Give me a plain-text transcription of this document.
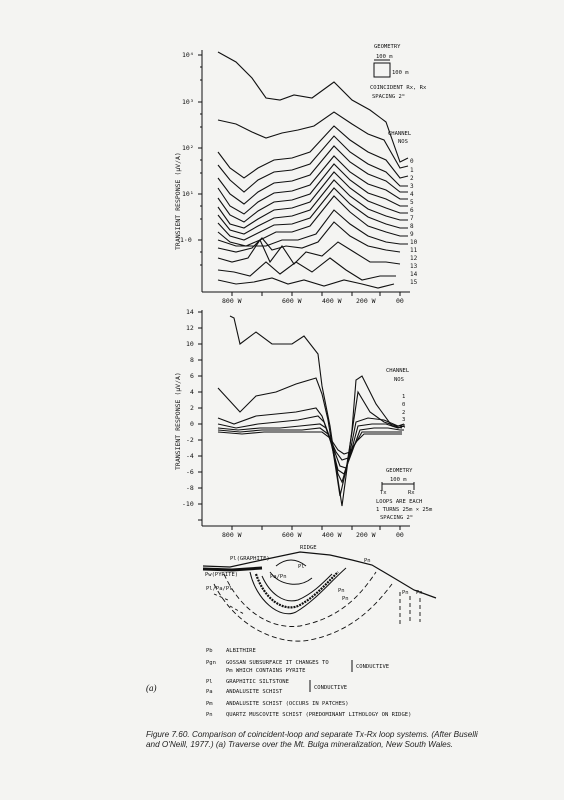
10⁴
10³
10²
10¹
1·0
800 W	600 W	400 W 200 W	00
GEOMETRY
100 m
100 m
COINCIDENT Rx, Rx
SPACING 2ᴺ
CHANNEL
NOS
0
1
2
3
4
5
6
7
8
9
10
11
12
13
14
15
TRANSIENT RESPONSE (μV/A)
14
12
10
8
6
4
2
0
-2
-4
-6
-8
-10
800 W	600 W	400 W 200 W	00
TRANSIENT RESPONSE (μV/A)
CHANNEL
NOS
1
0
2
3
4
GEOMETRY
100 m
Tx	Rx
LOOPS ARE EACH
1 TURNS 25m × 25m
SPACING 2ᴺ
Pl(GRAPHITE)
RIDGE
Pw(PYRITE)
Pn
Pa/Pn
Pl
Pl/Pa/Pl	Pn
Pn
Pn Pn
Pb ALBITHIRE
Pgn GOSSAN SUBSURFACE IT CHANGES TO
Pm WHICH CONTAINS PYRITE
Pl GRAPHITIC SILTSTONE
Pa ANDALUSITE SCHIST
Pm ANDALUSITE SCHIST (OCCURS IN PATCHES)
Pn QUARTZ MUSCOVITE SCHIST (PREDOMINANT LITHOLOGY ON RIDGE)
CONDUCTIVE
CONDUCTIVE
(a)
Figure 7.60. Comparison of coincident-loop and separate Tx-Rx loop systems. (After Buselli and O'Neill, 1977.) (a) Traverse over the Mt. Bulga mineralization, New South Wales.
